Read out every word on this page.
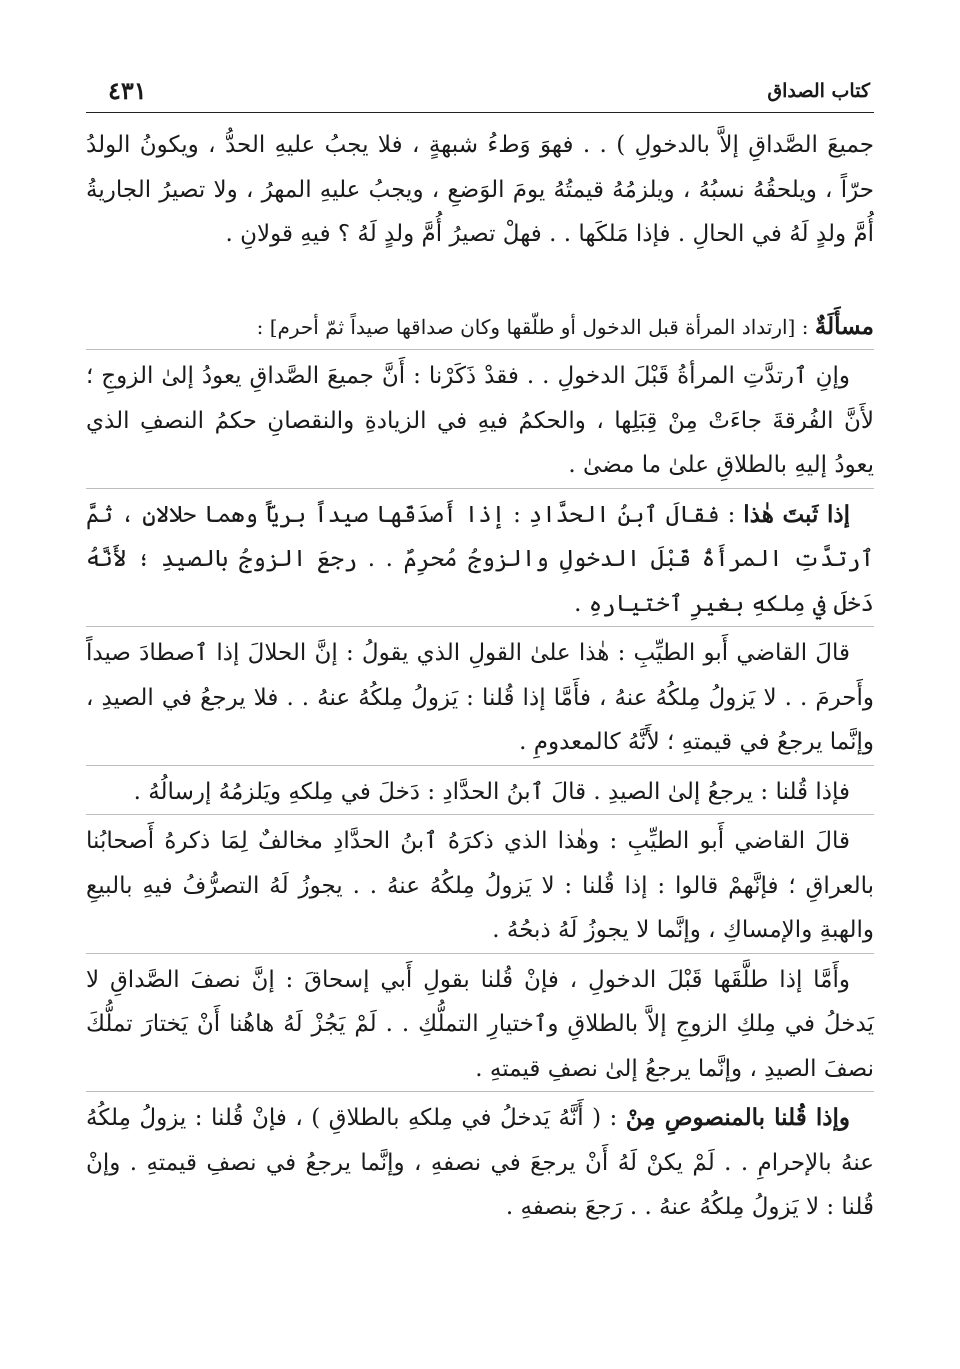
كتاب الصداق
٤٣١

جميعَ الصَّداقِ إلاَّ بالدخولِ ) . . فهوَ وَطءُ شبهةٍ ، فلا يجبُ عليهِ الحدُّ ، ويكونُ الولدُ حرّاً ، ويلحقُهُ نسبُهُ ، ويلزمُهُ قيمتُهُ يومَ الوَضعِ ، ويجبُ عليهِ المهرُ ، ولا تصيرُ الجاريةُ أُمَّ ولدٍ لَهُ في الحالِ . فإذا مَلكَها . . فهلْ تصيرُ أُمَّ ولدٍ لَهُ ؟ فيهِ قولانِ .

مسأَلَةٌ : [ارتداد المرأة قبل الدخول أو طلّقها وكان صداقها صيداً ثمّ أحرم] :

وإنِ ٱرتدَّتِ المرأةُ قَبْلَ الدخولِ . . فقدْ ذَكَرْنا : أَنَّ جميعَ الصَّداقِ يعودُ إلىٰ الزوجِ ؛ لأَنَّ الفُرقةَ جاءَتْ مِنْ قِبَلِها ، والحكمُ فيهِ في الزيادةِ والنقصانِ حكمُ النصفِ الذي يعودُ إليهِ بالطلاقِ علىٰ ما مضىٰ .

إذا ثَبتَ هٰذا : فقالَ ٱبنُ الحدَّادِ : إذا أَصدَقَها صيداً بريّاً وهما حلالانِ ، ثمَّ ٱرتدَّتِ المرأَةُ قَبْلَ الدخولِ والزوجُ مُحرِمٌ . . رجعَ الزوجُ بالصيدِ ؛ لأَنَّهُ دَخلَ في مِلكهِ بغيرِ ٱختيارهِ .

قالَ القاضي أَبو الطيِّبِ : هٰذا علىٰ القولِ الذي يقولُ : إنَّ الحلالَ إذا ٱصطادَ صيداً وأَحرمَ . . لا يَزولُ مِلكُهُ عنهُ ، فأَمَّا إذا قُلنا : يَزولُ مِلكُهُ عنهُ . . فلا يرجعُ في الصيدِ ، وإنَّما يرجعُ في قيمتهِ ؛ لأَنَّهُ كالمعدومِ .

فإذا قُلنا : يرجعُ إلىٰ الصيدِ . قالَ ٱبنُ الحدَّادِ : دَخلَ في مِلكهِ ويَلزمُهُ إرسالُهُ .

قالَ القاضي أَبو الطيِّبِ : وهٰذا الذي ذكرَهُ ٱبنُ الحدَّادِ مخالفٌ لِمَا ذكرهُ أَصحابُنا بالعراقِ ؛ فإنَّهمْ قالوا : إذا قُلنا : لا يَزولُ مِلكُهُ عنهُ . . يجوزُ لَهُ التصرُّفُ فيهِ بالبيعِ والهبةِ والإمساكِ ، وإنَّما لا يجوزُ لَهُ ذبحُهُ .

وأَمَّا إذا طلَّقَها قَبْلَ الدخولِ ، فإنْ قُلنا بقولِ أَبي إسحاقَ : إنَّ نصفَ الصَّداقِ لا يَدخلُ في مِلكِ الزوجِ إلاَّ بالطلاقِ وٱختيارِ التملُّكِ . . لَمْ يَجُزْ لَهُ هاهُنا أَنْ يَختارَ تملُّكَ نصفَ الصيدِ ، وإنَّما يرجعُ إلىٰ نصفِ قيمتهِ .

وإذا قُلنا بالمنصوصِ مِنْ : ( أَنَّهُ يَدخلُ في مِلكهِ بالطلاقِ ) ، فإنْ قُلنا : يزولُ مِلكُهُ عنهُ بالإحرامِ . . لَمْ يكنْ لَهُ أَنْ يرجعَ في نصفهِ ، وإنَّما يرجعُ في نصفِ قيمتهِ . وإنْ قُلنا : لا يَزولُ مِلكُهُ عنهُ . . رَجعَ بنصفهِ .
